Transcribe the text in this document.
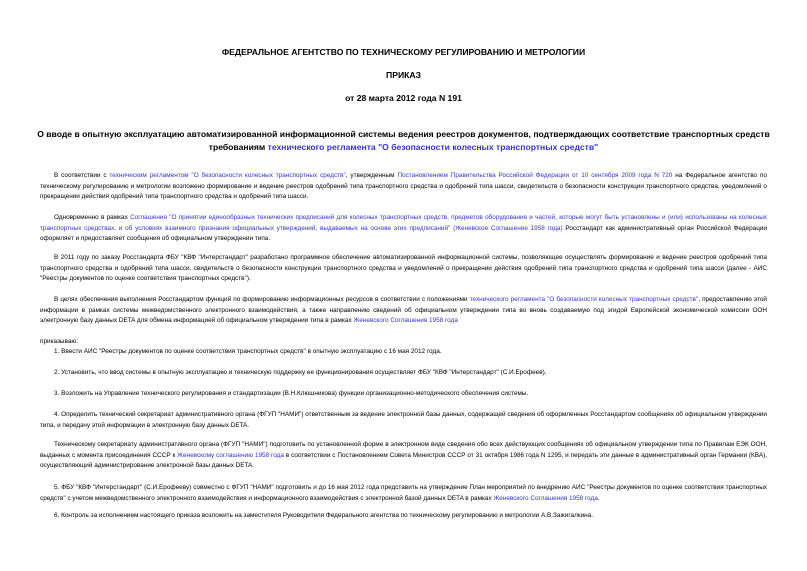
ФЕДЕРАЛЬНОЕ АГЕНТСТВО ПО ТЕХНИЧЕСКОМУ РЕГУЛИРОВАНИЮ И МЕТРОЛОГИИ
ПРИКАЗ
от 28 марта 2012 года N 191
О вводе в опытную эксплуатацию автоматизированной информационной системы ведения реестров документов, подтверждающих соответствие транспортных средств требованиям технического регламента "О безопасности колесных транспортных средств"

В соответствии с техническим регламентом "О безопасности колесных транспортных средств", утвержденным Постановлением Правительства Российской Федерации от 10 сентября 2009 года N 720 на Федеральное агентство по техническому регулированию и метрологии возложено формирование и ведение реестров одобрений типа транспортного средства и одобрений типа шасси, свидетельств о безопасности конструкции транспортного средства, уведомлений о прекращении действия одобрений типа транспортного средства и одобрений типа шасси.

Одновременно в рамках Соглашения "О принятии единообразных технических предписаний для колесных транспортных средств, предметов оборудования и частей, которые могут быть установлены и (или) использованы на колесных транспортных средствах, и об условиях взаимного признания официальных утверждений, выдаваемых на основе этих предписаний" (Женевское Соглашение 1958 года) Росстандарт как административный орган Российской Федерации оформляет и предоставляет сообщения об официальном утверждении типа.

В 2011 году по заказу Росстандарта ФБУ "КВФ "Интерстандарт" разработано программное обеспечение автоматизированной информационной системы, позволяющее осуществлять формирование и ведение реестров одобрений типа транспортного средства и одобрений типа шасси, свидетельств о безопасности конструкции транспортного средства и уведомлений о прекращении действия одобрений типа транспортного средства и одобрений типа шасси (далее - АИС "Реестры документов по оценке соответствия транспортных средств").

В целях обеспечения выполнения Росстандартом функций по формированию информационных ресурсов в соответствии с положениями технического регламента "О безопасности колесных транспортных средств", предоставлению этой информации в рамках системы межведомственного электронного взаимодействия, а также направлению сведений об официальном утверждении типа во вновь создаваемую под эгидой Европейской экономической комиссии ООН электронную базу данных DETA для обмена информацией об официальном утверждении типа в рамках Женевского Соглашения 1958 года

приказываю:

1. Ввести АИС "Реестры документов по оценке соответствия транспортных средств" в опытную эксплуатацию с 16 мая 2012 года.

2. Установить, что ввод системы в опытную эксплуатацию и техническую поддержку ее функционирования осуществляет ФБУ "КВФ "Интерстандарт" (С.И.Ерофеев).

3. Возложить на Управление технического регулирования и стандартизации (В.Н.Клюшникова) функции организационно-методического обеспечения системы.

4. Определить технический секретариат административного органа (ФГУП "НАМИ") ответственным за ведение электронной базы данных, содержащей сведения об оформленных Росстандартом сообщениях об официальном утверждении типа, и передачу этой информации в электронную базу данных DETA.

Техническому секретариату административного органа (ФГУП "НАМИ") подготовить по установленной форме в электронном виде сведения обо всех действующих сообщениях об официальном утверждении типа по Правилам ЕЭК ООН, выданных с момента присоединения СССР к Женевскому соглашению 1958 года в соответствии с Постановлением Совета Министров СССР от 31 октября 1986 года N 1295, и передать эти данные в административный орган Германии (КВА), осуществляющий администрирование электронной базы данных DETA.

5. ФБУ "КВФ "Интерстандарт" (С.И.Ерофееву) совместно с ФГУП "НАМИ" подготовить и до 16 мая 2012 года представить на утверждение План мероприятий по внедрению АИС "Реестры документов по оценке соответствия транспортных средств" с учетом межведомственного электронного взаимодействия и информационного взаимодействия с электронной базой данных DETA в рамках Женевского Соглашения 1958 года.

6. Контроль за исполнением настоящего приказа возложить на заместителя Руководителя Федерального агентства по техническому регулированию и метрологии А.В.Зажигалкина.
